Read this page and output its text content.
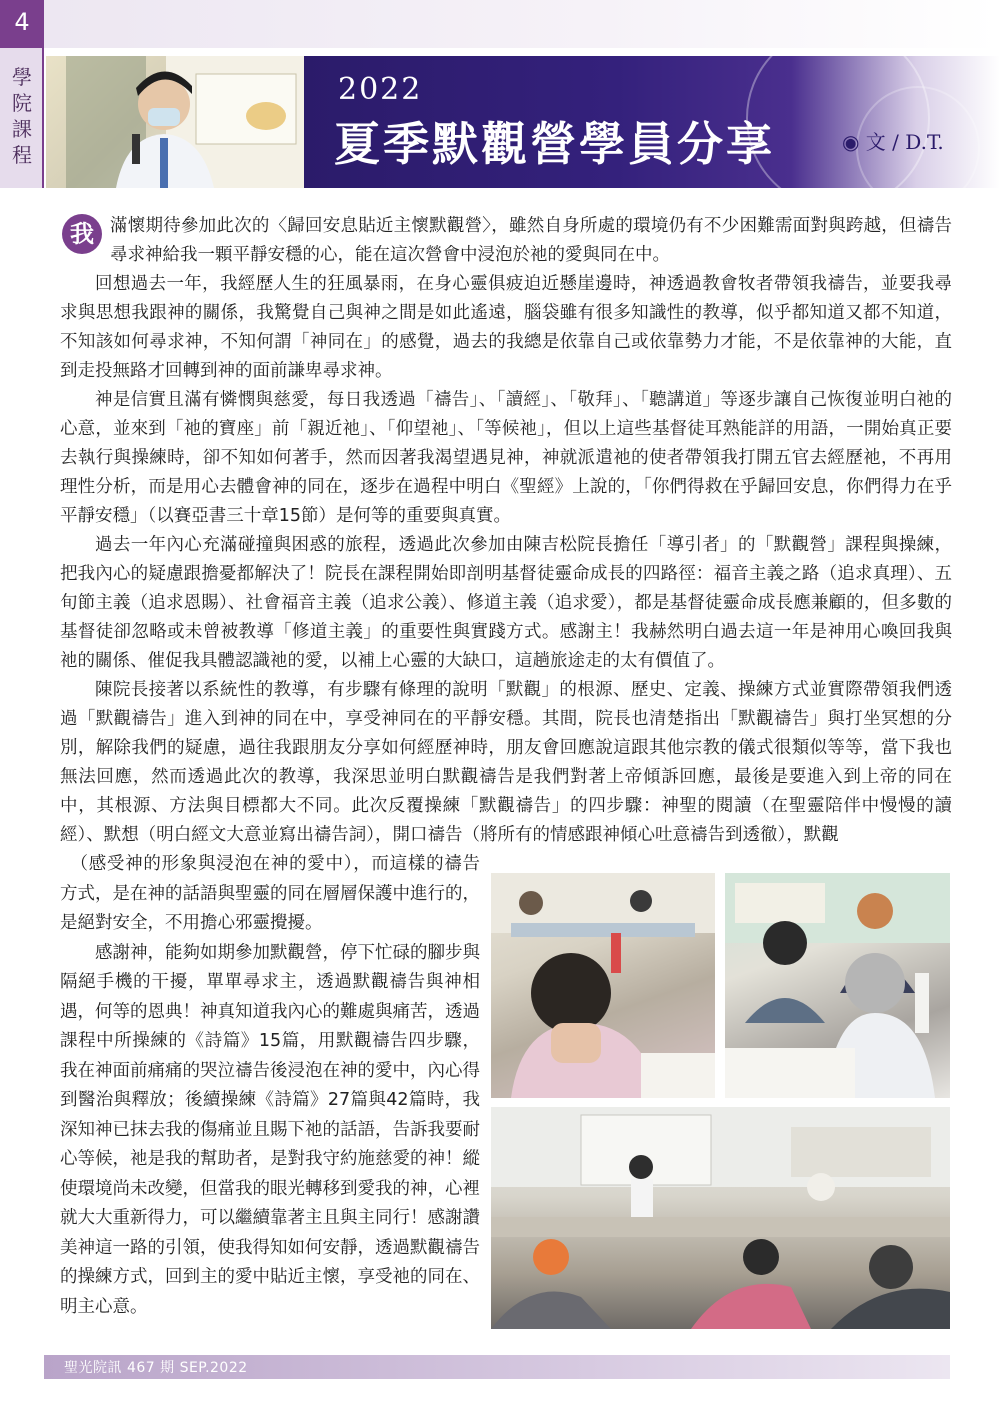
4
學院課程
2022
夏季默觀營學員分享	◉ 文 / D.T.

我 滿懷期待參加此次的〈歸回安息貼近主懷默觀營〉，雖然自身所處的環境仍有不少困難需面對與跨越，但禱告尋求神給我一顆平靜安穩的心，能在這次營會中浸泡於祂的愛與同在中。

回想過去一年，我經歷人生的狂風暴雨，在身心靈俱疲迫近懸崖邊時，神透過教會牧者帶領我禱告，並要我尋求與思想我跟神的關係，我驚覺自己與神之間是如此遙遠，腦袋雖有很多知識性的教導，似乎都知道又都不知道，不知該如何尋求神，不知何謂「神同在」的感覺，過去的我總是依靠自己或依靠勢力才能，不是依靠神的大能，直到走投無路才回轉到神的面前謙卑尋求神。

神是信實且滿有憐憫與慈愛，每日我透過「禱告」、「讀經」、「敬拜」、「聽講道」等逐步讓自己恢復並明白祂的心意，並來到「祂的寶座」前「親近祂」、「仰望祂」、「等候祂」，但以上這些基督徒耳熟能詳的用語，一開始真正要去執行與操練時，卻不知如何著手，然而因著我渴望遇見神，神就派遣祂的使者帶領我打開五官去經歷祂，不再用理性分析，而是用心去體會神的同在，逐步在過程中明白《聖經》上說的，「你們得救在乎歸回安息，你們得力在乎平靜安穩」（以賽亞書三十章15節）是何等的重要與真實。

過去一年內心充滿碰撞與困惑的旅程，透過此次參加由陳吉松院長擔任「導引者」的「默觀營」課程與操練，把我內心的疑慮跟擔憂都解決了！院長在課程開始即剖明基督徒靈命成長的四路徑：福音主義之路（追求真理）、五旬節主義（追求恩賜）、社會福音主義（追求公義）、修道主義（追求愛），都是基督徒靈命成長應兼顧的，但多數的基督徒卻忽略或未曾被教導「修道主義」的重要性與實踐方式。感謝主！我赫然明白過去這一年是神用心喚回我與祂的關係、催促我具體認識祂的愛，以補上心靈的大缺口，這趟旅途走的太有價值了。

陳院長接著以系統性的教導，有步驟有條理的說明「默觀」的根源、歷史、定義、操練方式並實際帶領我們透過「默觀禱告」進入到神的同在中，享受神同在的平靜安穩。其間，院長也清楚指出「默觀禱告」與打坐冥想的分別，解除我們的疑慮，過往我跟朋友分享如何經歷神時，朋友會回應說這跟其他宗教的儀式很類似等等，當下我也無法回應，然而透過此次的教導，我深思並明白默觀禱告是我們對著上帝傾訴回應，最後是要進入到上帝的同在中，其根源、方法與目標都大不同。此次反覆操練「默觀禱告」的四步驟：神聖的閱讀（在聖靈陪伴中慢慢的讀經）、默想（明白經文大意並寫出禱告詞），開口禱告（將所有的情感跟神傾心吐意禱告到透徹），默觀

（感受神的形象與浸泡在神的愛中），而這樣的禱告方式，是在神的話語與聖靈的同在層層保護中進行的，是絕對安全，不用擔心邪靈攪擾。

感謝神，能夠如期參加默觀營，停下忙碌的腳步與隔絕手機的干擾，單單尋求主，透過默觀禱告與神相遇，何等的恩典！神真知道我內心的難處與痛苦，透過課程中所操練的《詩篇》15篇，用默觀禱告四步驟，我在神面前痛痛的哭泣禱告後浸泡在神的愛中，內心得到醫治與釋放；後續操練《詩篇》27篇與42篇時，我深知神已抹去我的傷痛並且賜下祂的話語，告訴我要耐心等候，祂是我的幫助者，是對我守約施慈愛的神！縱使環境尚未改變，但當我的眼光轉移到愛我的神，心裡就大大重新得力，可以繼續靠著主且與主同行！感謝讚美神這一路的引領，使我得知如何安靜，透過默觀禱告的操練方式，回到主的愛中貼近主懷，享受祂的同在、明主心意。

聖光院訊 467 期 SEP.2022
